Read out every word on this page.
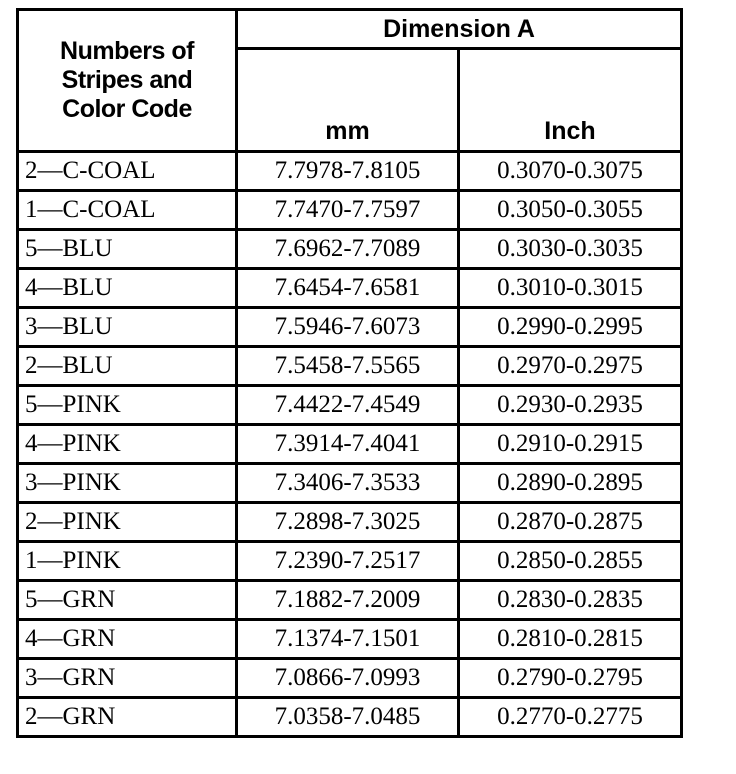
Numbers of
Stripes and
Color Code	Dimension A	
	mm	Inch
2—C-COAL	7.7978-7.8105	0.3070-0.3075
1—C-COAL	7.7470-7.7597	0.3050-0.3055
5—BLU	7.6962-7.7089	0.3030-0.3035
4—BLU	7.6454-7.6581	0.3010-0.3015
3—BLU	7.5946-7.6073	0.2990-0.2995
2—BLU	7.5458-7.5565	0.2970-0.2975
5—PINK	7.4422-7.4549	0.2930-0.2935
4—PINK	7.3914-7.4041	0.2910-0.2915
3—PINK	7.3406-7.3533	0.2890-0.2895
2—PINK	7.2898-7.3025	0.2870-0.2875
1—PINK	7.2390-7.2517	0.2850-0.2855
5—GRN	7.1882-7.2009	0.2830-0.2835
4—GRN	7.1374-7.1501	0.2810-0.2815
3—GRN	7.0866-7.0993	0.2790-0.2795
2—GRN	7.0358-7.0485	0.2770-0.2775
